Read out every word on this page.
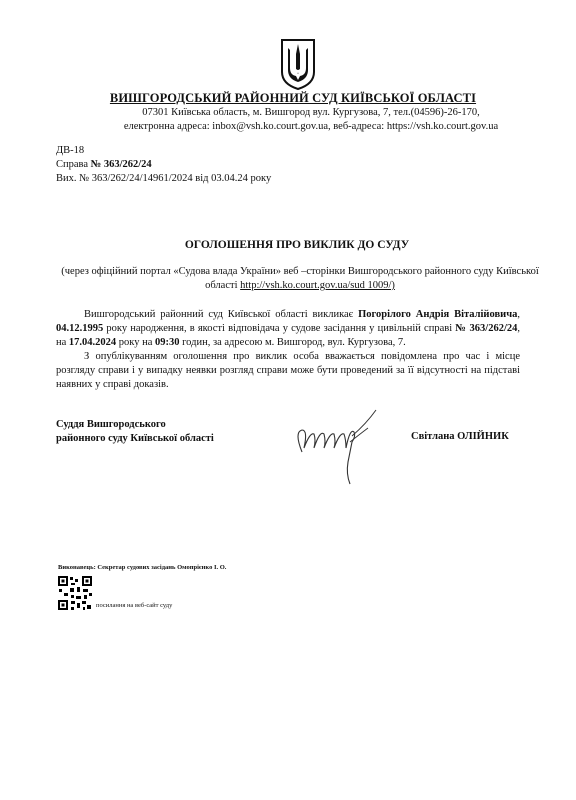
ВИШГОРОДСЬКИЙ РАЙОННИЙ СУД КИЇВСЬКОЇ ОБЛАСТІ
07301 Київська область, м. Вишгород вул. Кургузова, 7, тел.(04596)-26-170,
електронна адреса: inbox@vsh.ko.court.gov.ua, веб-адреса: https://vsh.ko.court.gov.ua
ДВ-18
Справа № 363/262/24
Вих. № 363/262/24/14961/2024 від 03.04.24 року
ОГОЛОШЕННЯ ПРО ВИКЛИК ДО СУДУ
(через офіційний портал «Судова влада України» веб –сторінки Вишгородського районного суду Київської області http://vsh.ko.court.gov.ua/sud 1009/)

Вишгородський районний суд Київської області викликає Погорілого Андрія Віталійовича, 04.12.1995 року народження, в якості відповідача у судове засідання у цивільній справі № 363/262/24, на 17.04.2024 року на 09:30 годин, за адресою м. Вишгород, вул. Кургузова, 7.

З опублікуванням оголошення про виклик особа вважається повідомлена про час і місце розгляду справи і у випадку неявки розгляд справи може бути проведений за її відсутності на підставі наявних у справі доказів.

Суддя Вишгородського
районного суду Київської області	Світлана ОЛІЙНИК
Виконавець: Секретар судових засідань Омопрієнко І. О.
посилання на веб-сайт суду
